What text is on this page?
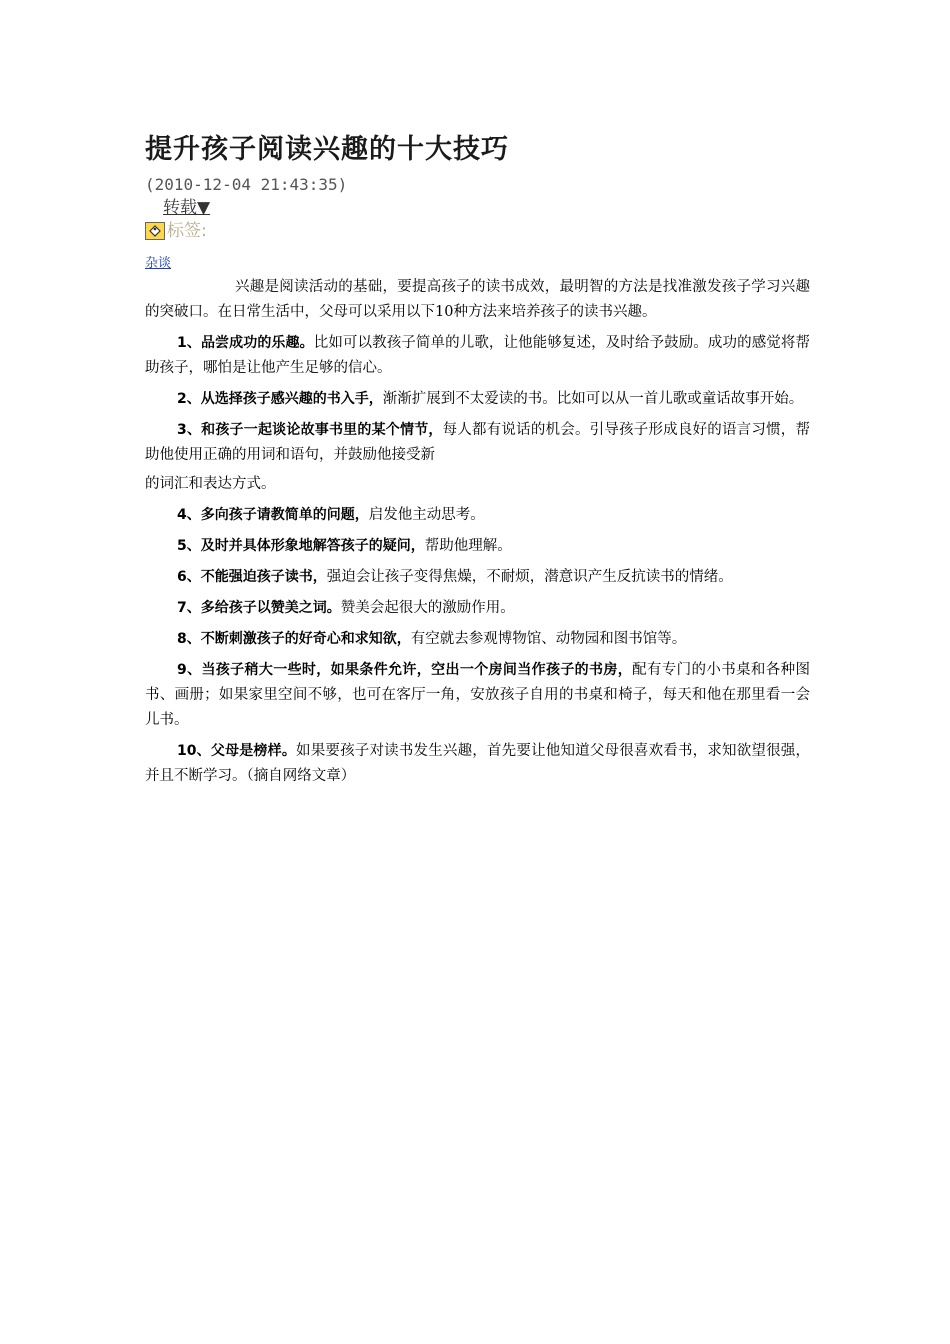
提升孩子阅读兴趣的十大技巧
(2010-12-04 21:43:35)
转载▼
标签:
杂谈

兴趣是阅读活动的基础，要提高孩子的读书成效，最明智的方法是找准激发孩子学习兴趣的突破口。在日常生活中，父母可以采用以下10种方法来培养孩子的读书兴趣。

1、品尝成功的乐趣。比如可以教孩子简单的儿歌，让他能够复述，及时给予鼓励。成功的感觉将帮助孩子，哪怕是让他产生足够的信心。

2、从选择孩子感兴趣的书入手，渐渐扩展到不太爱读的书。比如可以从一首儿歌或童话故事开始。

3、和孩子一起谈论故事书里的某个情节，每人都有说话的机会。引导孩子形成良好的语言习惯，帮助他使用正确的用词和语句，并鼓励他接受新

的词汇和表达方式。

4、多向孩子请教简单的问题，启发他主动思考。

5、及时并具体形象地解答孩子的疑问，帮助他理解。

6、不能强迫孩子读书，强迫会让孩子变得焦燥，不耐烦，潜意识产生反抗读书的情绪。

7、多给孩子以赞美之词。赞美会起很大的激励作用。

8、不断刺激孩子的好奇心和求知欲，有空就去参观博物馆、动物园和图书馆等。

9、当孩子稍大一些时，如果条件允许，空出一个房间当作孩子的书房，配有专门的小书桌和各种图书、画册；如果家里空间不够，也可在客厅一角，安放孩子自用的书桌和椅子，每天和他在那里看一会儿书。

10、父母是榜样。如果要孩子对读书发生兴趣，首先要让他知道父母很喜欢看书，求知欲望很强，并且不断学习。（摘自网络文章）
